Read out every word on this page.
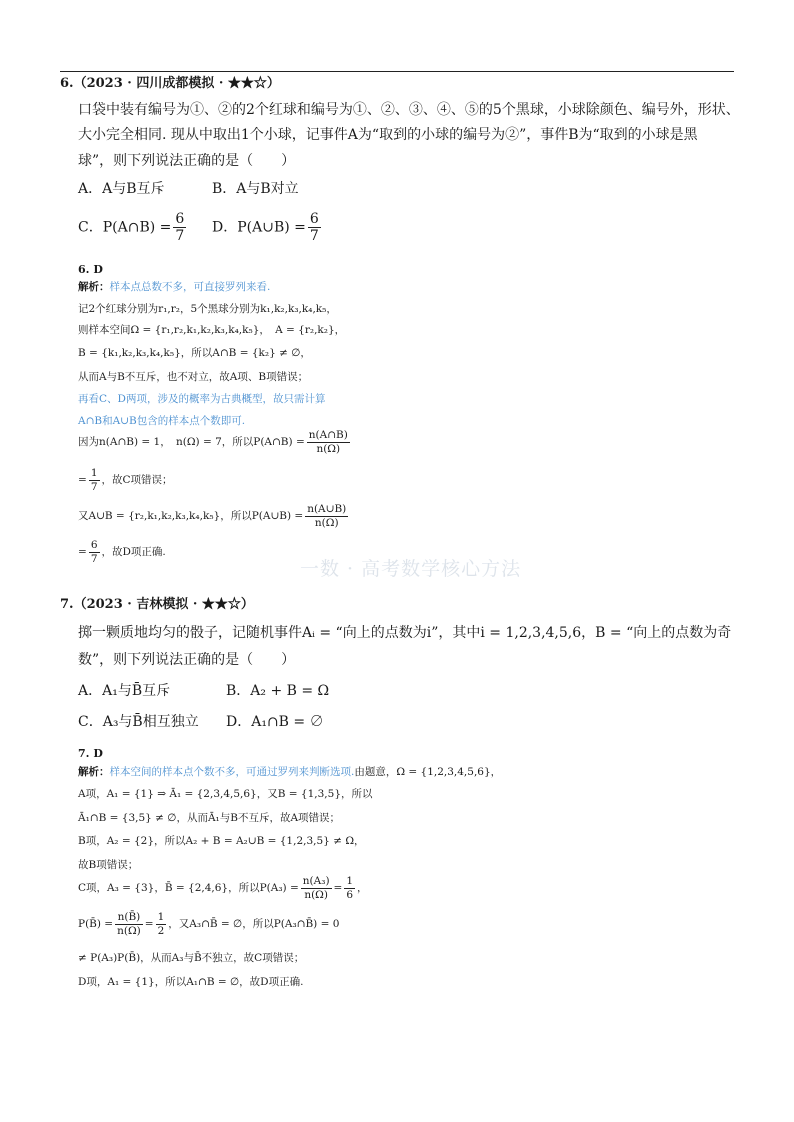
6.（2023 · 四川成都模拟 · ★★☆）
口袋中装有编号为①、②的2个红球和编号为①、②、③、④、⑤的5个黑球，小球除颜色、编号外，形状、
大小完全相同. 现从中取出1个小球，记事件A为“取到的小球的编号为②”，事件B为“取到的小球是黑
球”，则下列说法正确的是（　　）
A．A与B互斥	B．A与B对立
C．P(A∩B) = $\frac{6}{7}$ D．P(A∪B) = $\frac{6}{7}$
6. D
解析：样本点总数不多，可直接罗列来看.
记2个红球分别为r₁,r₂，5个黑球分别为k₁,k₂,k₃,k₄,k₅，
则样本空间Ω = {r₁,r₂,k₁,k₂,k₃,k₄,k₅}，　A = {r₂,k₂}，
B = {k₁,k₂,k₃,k₄,k₅}，所以A∩B = {k₂} ≠ ∅，
从而A与B不互斥，也不对立，故A项、B项错误；
再看C、D两项，涉及的概率为古典概型，故只需计算
A∩B和A∪B包含的样本点个数即可.
因为n(A∩B) = 1，　n(Ω) = 7，所以P(A∩B) = $\frac{n(A\cap B)}{n(\Omega)}$
= $\frac{1}{7}$ ，故C项错误；
又A∪B = {r₂,k₁,k₂,k₃,k₄,k₅}，所以P(A∪B) = $\frac{n(A\cup B)}{n(\Omega)}$
= $\frac{6}{7}$ ，故D项正确.
一数 · 高考数学核心方法
7.（2023 · 吉林模拟 · ★★☆）
掷一颗质地均匀的骰子，记随机事件Aᵢ = “向上的点数为i”，其中i = 1,2,3,4,5,6，B = “向上的点数为奇
数”，则下列说法正确的是（　　）
A．A₁与B̄互斥	B．A₂ + B = Ω
C．A₃与B̄相互独立 D．A₁∩B = ∅
7. D
解析：样本空间的样本点个数不多，可通过罗列来判断选项.由题意，Ω = {1,2,3,4,5,6}，
A项，A₁ = {1} ⇒ Ā₁ = {2,3,4,5,6}，又B = {1,3,5}，所以
Ā₁∩B = {3,5} ≠ ∅，从而Ā₁与B不互斥，故A项错误；
B项，A₂ = {2}，所以A₂ + B = A₂∪B = {1,2,3,5} ≠ Ω，
故B项错误；
C项，A₃ = {3}，B̄ = {2,4,6}，所以$P(A_3) = \frac{\text{n(A₃)}}{n(\Omega)} = \frac{1}{6}$ ，
P(B̄) = $\frac{n(B̄)}{n(\Omega)} = \frac{1}{2}$ ，又A₃∩B̄ = ∅，所以P(A₃∩B̄) = 0
≠ P(A₃)P(B̄)，从而A₃与B̄不独立，故C项错误；
D项，A₁ = {1}，所以A₁∩B = ∅，故D项正确.
